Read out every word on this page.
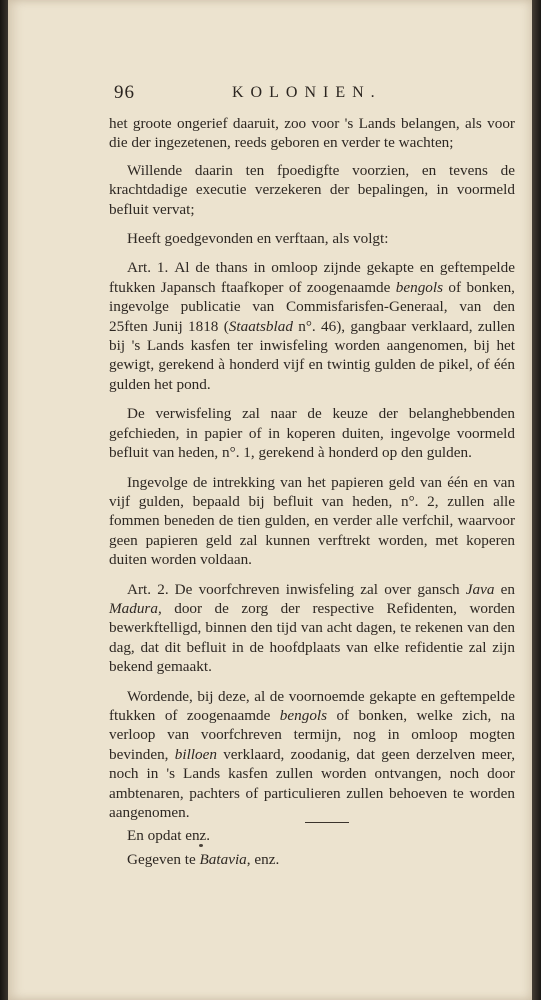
96	KOLONIEN.

het groote ongerief daaruit, zoo voor 's Lands belangen, als voor die der ingezetenen, reeds geboren en verder te wachten;

Willende daarin ten fpoedigfte voorzien, en tevens de krachtdadige executie verzekeren der bepalingen, in voormeld befluit vervat;

Heeft goedgevonden en verftaan, als volgt:

Art. 1. Al de thans in omloop zijnde gekapte en geftempelde ftukken Japansch ftaafkoper of zoogenaamde bengols of bonken, ingevolge publicatie van Commisfarisfen-Generaal, van den 25ften Junij 1818 (Staatsblad n°. 46), gangbaar verklaard, zullen bij 's Lands kasfen ter inwisfeling worden aangenomen, bij het gewigt, gerekend à honderd vijf en twintig gulden de pikel, of één gulden het pond.

De verwisfeling zal naar de keuze der belanghebbenden gefchieden, in papier of in koperen duiten, ingevolge voormeld befluit van heden, n°. 1, gerekend à honderd op den gulden.

Ingevolge de intrekking van het papieren geld van één en van vijf gulden, bepaald bij befluit van heden, n°. 2, zullen alle fommen beneden de tien gulden, en verder alle verfchil, waarvoor geen papieren geld zal kunnen verftrekt worden, met koperen duiten worden voldaan.

Art. 2. De voorfchreven inwisfeling zal over gansch Java en Madura, door de zorg der respective Refidenten, worden bewerkftelligd, binnen den tijd van acht dagen, te rekenen van den dag, dat dit befluit in de hoofdplaats van elke refidentie zal zijn bekend gemaakt.

Wordende, bij deze, al de voornoemde gekapte en geftempelde ftukken of zoogenaamde bengols of bonken, welke zich, na verloop van voorfchreven termijn, nog in omloop mogten bevinden, billoen verklaard, zoodanig, dat geen derzelven meer, noch in 's Lands kasfen zullen worden ontvangen, noch door ambtenaren, pachters of particulieren zullen behoeven te worden aangenomen.

En opdat enz.

Gegeven te Batavia, enz.
